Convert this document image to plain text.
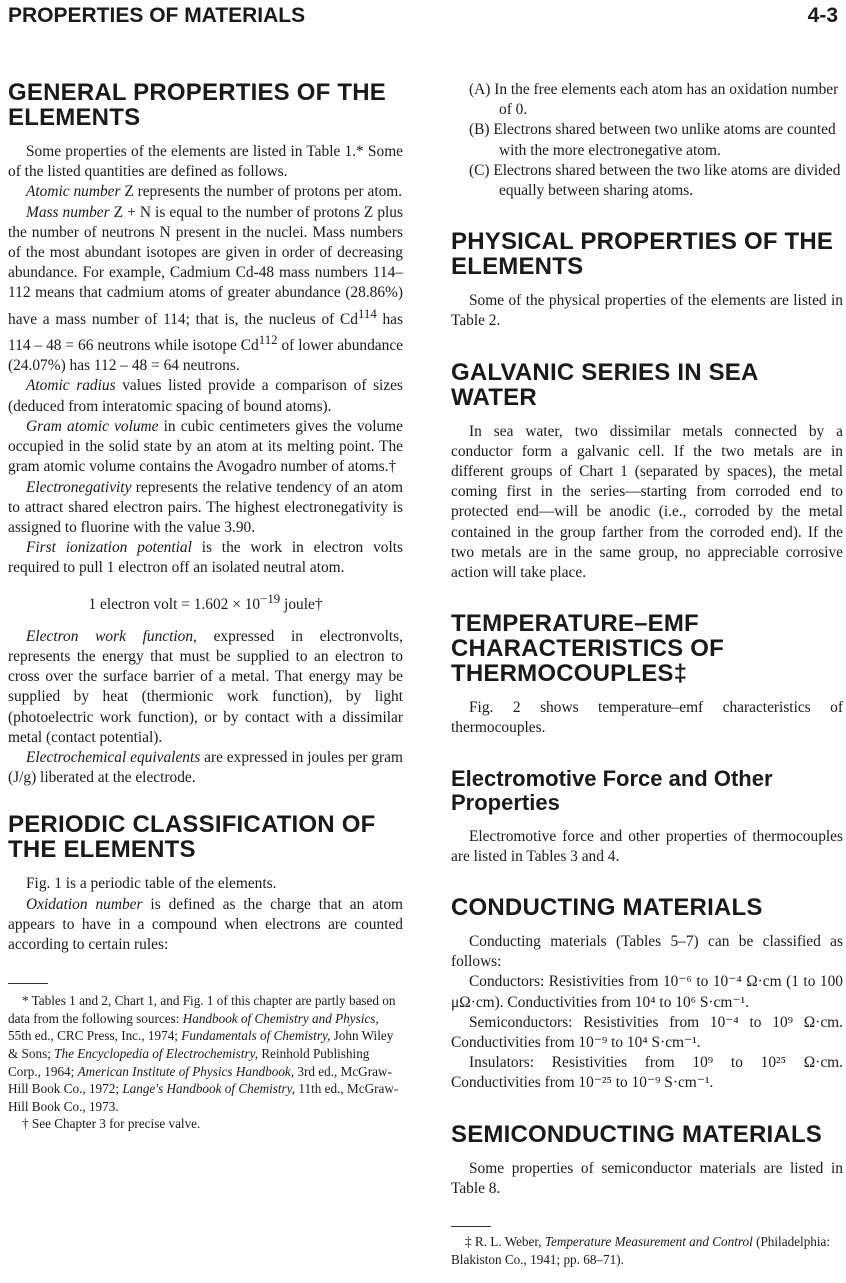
PROPERTIES OF MATERIALS	4-3
GENERAL PROPERTIES OF THE ELEMENTS

Some properties of the elements are listed in Table 1.* Some of the listed quantities are defined as follows.

Atomic number Z represents the number of protons per atom.

Mass number Z + N is equal to the number of protons Z plus the number of neutrons N present in the nuclei. Mass numbers of the most abundant isotopes are given in order of decreasing abundance. For example, Cadmium Cd-48 mass numbers 114–112 means that cadmium atoms of greater abundance (28.86%) have a mass number of 114; that is, the nucleus of Cd$^{114}$ has 114 – 48 = 66 neutrons while isotope Cd$^{112}$ of lower abundance (24.07%) has 112 – 48 = 64 neutrons.

Atomic radius values listed provide a comparison of sizes (deduced from interatomic spacing of bound atoms).

Gram atomic volume in cubic centimeters gives the volume occupied in the solid state by an atom at its melting point. The gram atomic volume contains the Avogadro number of atoms.†

Electronegativity represents the relative tendency of an atom to attract shared electron pairs. The highest electronegativity is assigned to fluorine with the value 3.90.

First ionization potential is the work in electron volts required to pull 1 electron off an isolated neutral atom.

1 electron volt = $1.602 \times 10^{-19}$ joule†

Electron work function, expressed in electronvolts, represents the energy that must be supplied to an electron to cross over the surface barrier of a metal. That energy may be supplied by heat (thermionic work function), by light (photoelectric work function), or by contact with a dissimilar metal (contact potential).

Electrochemical equivalents are expressed in joules per gram (J/g) liberated at the electrode.

PERIODIC CLASSIFICATION OF THE ELEMENTS

Fig. 1 is a periodic table of the elements.

Oxidation number is defined as the charge that an atom appears to have in a compound when electrons are counted according to certain rules:

* Tables 1 and 2, Chart 1, and Fig. 1 of this chapter are partly based on data from the following sources: Handbook of Chemistry and Physics, 55th ed., CRC Press, Inc., 1974; Fundamentals of Chemistry, John Wiley & Sons; The Encyclopedia of Electrochemistry, Reinhold Publishing Corp., 1964; American Institute of Physics Handbook, 3rd ed., McGraw-Hill Book Co., 1972; Lange's Handbook of Chemistry, 11th ed., McGraw-Hill Book Co., 1973.

† See Chapter 3 for precise valve.

(A) In the free elements each atom has an oxidation number of 0.
(B) Electrons shared between two unlike atoms are counted with the more electronegative atom.
(C) Electrons shared between the two like atoms are divided equally between sharing atoms.
PHYSICAL PROPERTIES OF THE ELEMENTS

Some of the physical properties of the elements are listed in Table 2.

GALVANIC SERIES IN SEA WATER

In sea water, two dissimilar metals connected by a conductor form a galvanic cell. If the two metals are in different groups of Chart 1 (separated by spaces), the metal coming first in the series—starting from corroded end to protected end—will be anodic (i.e., corroded by the metal contained in the group farther from the corroded end). If the two metals are in the same group, no appreciable corrosive action will take place.

TEMPERATURE–EMF CHARACTERISTICS OF THERMOCOUPLES‡

Fig. 2 shows temperature–emf characteristics of thermocouples.

Electromotive Force and Other Properties

Electromotive force and other properties of thermocouples are listed in Tables 3 and 4.

CONDUCTING MATERIALS

Conducting materials (Tables 5–7) can be classified as follows:

Conductors: Resistivities from 10⁻⁶ to 10⁻⁴ Ω·cm (1 to 100 μΩ·cm). Conductivities from 10⁴ to 10⁶ S·cm⁻¹.

Semiconductors: Resistivities from 10⁻⁴ to 10⁹ Ω·cm. Conductivities from 10⁻⁹ to 10⁴ S·cm⁻¹.

Insulators: Resistivities from 10⁹ to 10²⁵ Ω·cm. Conductivities from 10⁻²⁵ to 10⁻⁹ S·cm⁻¹.

SEMICONDUCTING MATERIALS

Some properties of semiconductor materials are listed in Table 8.

‡ R. L. Weber, Temperature Measurement and Control (Philadelphia: Blakiston Co., 1941; pp. 68–71).
